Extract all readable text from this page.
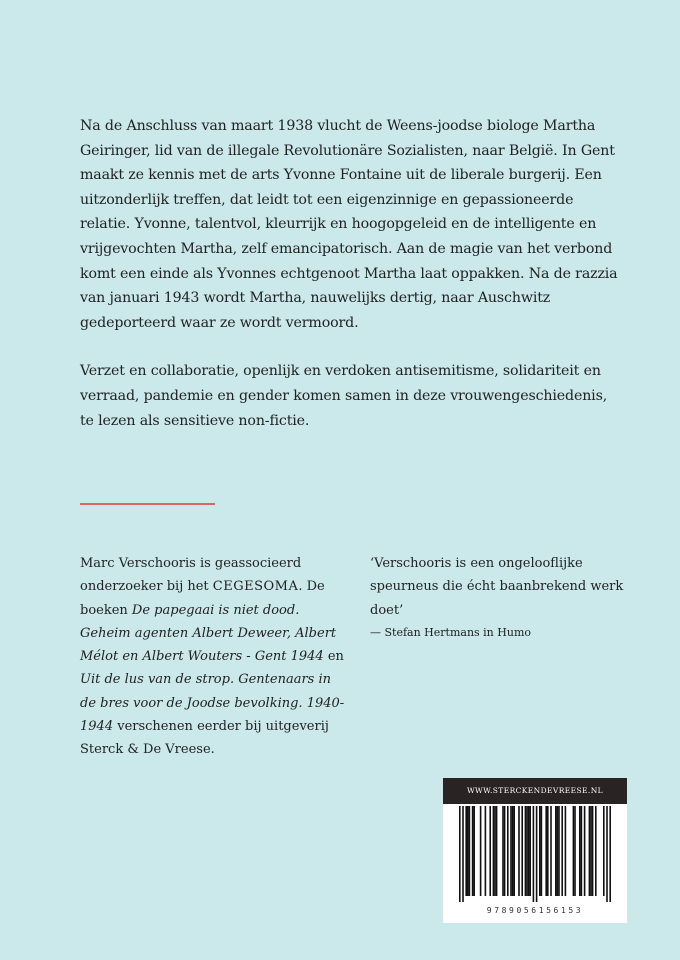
Na de Anschluss van maart 1938 vlucht de Weens-joodse biologe Martha Geiringer, lid van de illegale Revolutionäre Sozialisten, naar België. In Gent maakt ze kennis met de arts Yvonne Fontaine uit de liberale burgerij. Een uitzonderlijk treffen, dat leidt tot een eigenzinnige en gepassioneerde relatie. Yvonne, talentvol, kleurrijk en hoogopgeleid en de intelligente en vrijgevochten Martha, zelf emancipatorisch. Aan de magie van het verbond komt een einde als Yvonnes echtgenoot Martha laat oppakken. Na de razzia van januari 1943 wordt Martha, nauwelijks dertig, naar Auschwitz gedeporteerd waar ze wordt vermoord.

Verzet en collaboratie, openlijk en verdoken antisemitisme, solidariteit en verraad, pandemie en gender komen samen in deze vrouwengeschiedenis, te lezen als sensitieve non-fictie.

Marc Verschooris is geassocieerd onderzoeker bij het CEGESOMA. De boeken De papegaai is niet dood. Geheim agenten Albert Deweer, Albert Mélot en Albert Wouters - Gent 1944 en Uit de lus van de strop. Gentenaars in de bres voor de Joodse bevolking. 1940-1944 verschenen eerder bij uitgeverij Sterck & De Vreese.
‘Verschooris is een ongelooflijke speurneus die écht baanbrekend werk doet’
— Stefan Hertmans in Humo
WWW.STERCKENDEVREESE.NL
9789056156153
